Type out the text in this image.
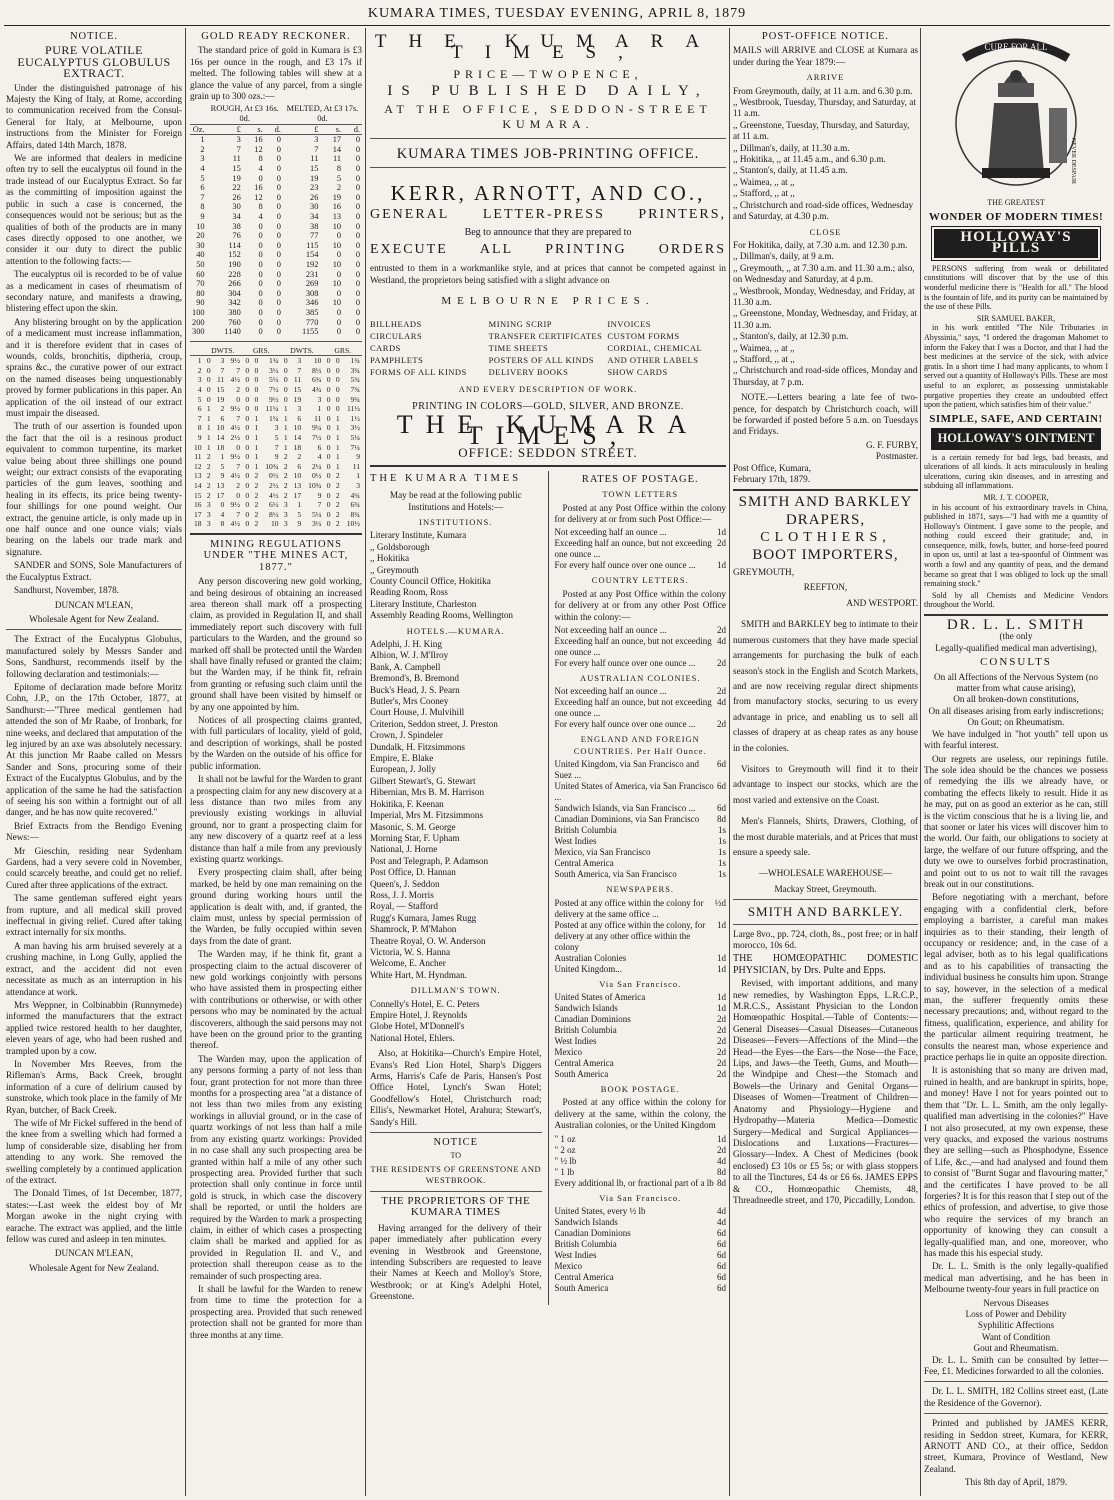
KUMARA TIMES, TUESDAY EVENING, APRIL 8, 1879
NOTICE.
PURE VOLATILE EUCALYPTUS GLOBULUS EXTRACT.

Under the distinguished patronage of his Majesty the King of Italy, at Rome, according to communication received from the Consul-General for Italy, at Melbourne, upon instructions from the Minister for Foreign Affairs, dated 14th March, 1878.

We are informed that dealers in medicine often try to sell the eucalyptus oil found in the trade instead of our Eucalyptus Extract. So far as the committing of imposition against the public in such a case is concerned, the consequences would not be serious; but as the qualities of both of the products are in many cases directly opposed to one another, we consider it our duty to direct the public attention to the following facts:—

The eucalyptus oil is recorded to be of value as a medicament in cases of rheumatism of secondary nature, and manifests a drawing, blistering effect upon the skin.

Any blistering brought on by the application of a medicament must increase inflammation, and it is therefore evident that in cases of wounds, colds, bronchitis, diptheria, croup, sprains &c., the curative power of our extract on the named diseases being unquestionably proved by former publications in this paper. An application of the oil instead of our extract must impair the diseased.

The truth of our assertion is founded upon the fact that the oil is a resinous product equivalent to common turpentine, its market value being about three shillings one pound weight; our extract consists of the evaporating particles of the gum leaves, soothing and healing in its effects, its price being twenty-four shillings for one pound weight. Our extract, the genuine article, is only made up in one half ounce and one ounce vials; vials bearing on the labels our trade mark and signature.

SANDER and SONS, Sole Manufacturers of the Eucalyptus Extract.

Sandhurst, November, 1878.

DUNCAN M'LEAN,
Wholesale Agent for New Zealand.

The Extract of the Eucalyptus Globulus, manufactured solely by Messrs Sander and Sons, Sandhurst, recommends itself by the following declaration and testimonials:—

Epitome of declaration made before Moritz Cohn, J.P., on the 17th October, 1877, at Sandhurst:—"Three medical gentlemen had attended the son of Mr Raabe, of Ironbark, for nine weeks, and declared that amputation of the leg injured by an axe was absolutely necessary. At this junction Mr Raabe called on Messrs Sander and Sons, procuring some of their Extract of the Eucalyptus Globulus, and by the application of the same he had the satisfaction of seeing his son within a fortnight out of all danger, and he has now quite recovered."

Brief Extracts from the Bendigo Evening News:—

Mr Gieschin, residing near Sydenham Gardens, had a very severe cold in November, could scarcely breathe, and could get no relief. Cured after three applications of the extract.

The same gentleman suffered eight years from rupture, and all medical skill proved ineffectual in giving relief. Cured after taking extract internally for six months.

A man having his arm bruised severely at a crushing machine, in Long Gully, applied the extract, and the accident did not even necessitate as much as an interruption in his attendance at work.

Mrs Weppner, in Colbinabbin (Runnymede) informed the manufacturers that the extract applied twice restored health to her daughter, eleven years of age, who had been rushed and trampled upon by a cow.

In November Mrs Reeves, from the Rifleman's Arms, Back Creek, brought information of a cure of delirium caused by sunstroke, which took place in the family of Mr Ryan, butcher, of Back Creek.

The wife of Mr Fickel suffered in the bend of the knee from a swelling which had formed a lump of considerable size, disabling her from attending to any work. She removed the swelling completely by a continued application of the extract.

The Donald Times, of 1st December, 1877, states:—Last week the eldest boy of Mr Morgan awoke in the night crying with earache. The extract was applied, and the little fellow was cured and asleep in ten minutes.

DUNCAN M'LEAN,
Wholesale Agent for New Zealand.
GOLD READY RECKONER.

The standard price of gold in Kumara is £3 16s per ounce in the rough, and £3 17s if melted. The following tables will shew at a glance the value of any parcel, from a single grain up to 300 ozs.:—

	ROUGH, At £3 16s. 0d.			MELTED, At £3 17s. 0d.		
Oz.	£	s.	d.	£	s.	d.
1	3	16	0	3	17	0
2	7	12	0	7	14	0
3	11	8	0	11	11	0
4	15	4	0	15	8	0
5	19	0	0	19	5	0
6	22	16	0	23	2	0
7	26	12	0	26	19	0
8	30	8	0	30	16	0
9	34	4	0	34	13	0
10	38	0	0	38	10	0
20	76	0	0	77	0	0
30	114	0	0	115	10	0
40	152	0	0	154	0	0
50	190	0	0	192	10	0
60	228	0	0	231	0	0
70	266	0	0	269	10	0
80	304	0	0	308	0	0
90	342	0	0	346	10	0
100	380	0	0	385	0	0
200	760	0	0	770	0	0
300	1140	0	0	1155	0	0
	DWTS.			GRS.			DWTS.			GRS.		
1	0	3	9½	0	0	1¾	0	3	10	0	0	1¾
2	0	7	7	0	0	3½	0	7	8½	0	0	3¾
3	0	11	4½	0	0	5½	0	11	6¾	0	0	5¾
4	0	15	2	0	0	7½	0	15	4¾	0	0	7¾
5	0	19	0	0	0	9½	0	19	3	0	0	9¾
6	1	2	9½	0	0	11¼	1	3	1	0	0	11½
7	1	6	7	0	1	1¼	1	6	11	0	1	1½
8	1	10	4½	0	1	3	1	10	9¼	0	1	3½
9	1	14	2½	0	1	5	1	14	7½	0	1	5¼
10	1	18	0	0	1	7	1	18	6	0	1	7¼
11	2	1	9½	0	1	9	2	2	4	0	1	9
12	2	5	7	0	1	10¾	2	6	2¼	0	1	11
13	2	9	4½	0	2	0½	2	10	0½	0	2	1
14	2	13	2	0	2	2½	2	13	10¾	0	2	3
15	2	17	0	0	2	4½	2	17	9	0	2	4¾
16	3	0	9½	0	2	6½	3	1	7	0	2	6¾
17	3	4	7	0	2	8½	3	5	5¼	0	2	8¾
18	3	8	4½	0	2	10	3	9	3½	0	2	10½
MINING REGULATIONS UNDER "THE MINES ACT, 1877."

Any person discovering new gold working, and being desirous of obtaining an increased area thereon shall mark off a prospecting claim, as provided in Regulation II, and shall immediately report such discovery with full particulars to the Warden, and the ground so marked off shall be protected until the Warden shall have finally refused or granted the claim; but the Warden may, if he think fit, refrain from granting or refusing such claim until the ground shall have been visited by himself or by any one appointed by him.

Notices of all prospecting claims granted, with full particulars of locality, yield of gold, and description of workings, shall be posted by the Warden on the outside of his office for public information.

It shall not be lawful for the Warden to grant a prospecting claim for any new discovery at a less distance than two miles from any previously existing workings in alluvial ground, nor to grant a prospecting claim for any new discovery of a quartz reef at a less distance than half a mile from any previously existing quartz workings.

Every prospecting claim shall, after being marked, be held by one man remaining on the ground during working hours until the application is dealt with, and, if granted, the claim must, unless by special permission of the Warden, be fully occupied within seven days from the date of grant.

The Warden may, if he think fit, grant a prospecting claim to the actual discoverer of new gold workings conjointly with persons who have assisted them in prospecting either with contributions or otherwise, or with other persons who may be nominated by the actual discoverers, although the said persons may not have been on the ground prior to the granting thereof.

The Warden may, upon the application of any persons forming a party of not less than four, grant protection for not more than three months for a prospecting area "at a distance of not less than two miles from any existing workings in alluvial ground, or in the case of quartz workings of not less than half a mile from any existing quartz workings: Provided in no case shall any such prospecting area be granted within half a mile of any other such prospecting area. Provided further that such protection shall only continue in force until gold is struck, in which case the discovery shall be reported, or until the holders are required by the Warden to mark a prospecting claim, in either of which cases a prospecting claim shall be marked and applied for as provided in Regulation II. and V., and protection shall thereupon cease as to the remainder of such prospecting area.

It shall be lawful for the Warden to renew from time to time the protection for a prospecting area. Provided that such renewed protection shall not be granted for more than three months at any time.

THE KUMARA TIMES,
PRICE—TWOPENCE,
IS PUBLISHED DAILY,
AT THE OFFICE, SEDDON-STREET
KUMARA.
KUMARA TIMES JOB-PRINTING OFFICE.
KERR, ARNOTT, AND CO.,
GENERAL LETTER-PRESS PRINTERS,
Beg to announce that they are prepared to
EXECUTE ALL PRINTING ORDERS

entrusted to them in a workmanlike style, and at prices that cannot be competed against in Westland, the proprietors being satisfied with a slight advance on

MELBOURNE PRICES.
BILLHEADS	MINING SCRIP	INVOICES
CIRCULARS	TRANSFER CERTIFICATES CUSTOM FORMS
CARDS	TIME SHEETS	CORDIAL, CHEMICAL
PAMPHLETS	POSTERS OF ALL KINDS	AND OTHER LABELS
FORMS OF ALL KINDS	DELIVERY BOOKS	SHOW CARDS
AND EVERY DESCRIPTION OF WORK.
PRINTING IN COLORS—GOLD, SILVER, AND BRONZE.
THE KUMARA TIMES,
OFFICE: SEDDON STREET.
THE KUMARA TIMES

May be read at the following public Institutions and Hotels:—

INSTITUTIONS.
Literary Institute, Kumara
,, Goldsborough
,, Hokitika
,, Greymouth
County Council Office, Hokitika
Reading Room, Ross
Literary Institute, Charleston
Assembly Reading Rooms, Wellington
HOTELS.—KUMARA.
Adelphi, J. H. King
Albion, W. J. M'Ilroy
Bank, A. Campbell
Bremond's, B. Bremond
Buck's Head, J. S. Pearn
Butler's, Mrs Cooney
Court House, J. Mulvihill
Criterion, Seddon street, J. Preston
Crown, J. Spindeler
Dundalk, H. Fitzsimmons
Empire, E. Blake
European, J. Jolly
Gilbert Stewart's, G. Stewart
Hibernian, Mrs B. M. Harrison
Hokitika, F. Keenan
Imperial, Mrs M. Fitzsimmons
Masonic, S. M. George
Morning Star, F. Upham
National, J. Horne
Post and Telegraph, P. Adamson
Post Office, D. Hannan
Queen's, J. Seddon
Ross, J. J. Morris
Royal, — Stafford
Rugg's Kumara, James Rugg
Shamrock, P. M'Mahon
Theatre Royal, O. W. Anderson
Victoria, W. S. Hanna
Welcome, E. Ancher
White Hart, M. Hyndman.
DILLMAN'S TOWN.
Connelly's Hotel, E. C. Peters
Empire Hotel, J. Reynolds
Globe Hotel, M'Donnell's
National Hotel, Ehlers.

Also, at Hokitika—Church's Empire Hotel, Evans's Red Lion Hotel, Sharp's Diggers Arms, Harris's Cafe de Paris, Hansen's Post Office Hotel, Lynch's Swan Hotel; Goodfellow's Hotel, Christchurch road; Ellis's, Newmarket Hotel, Arahura; Stewart's, Sandy's Hill.

NOTICE
TO
THE RESIDENTS OF GREENSTONE AND WESTBROOK.
THE PROPRIETORS OF THE KUMARA TIMES

Having arranged for the delivery of their paper immediately after publication every evening in Westbrook and Greenstone, intending Subscribers are requested to leave their Names at Keech and Molloy's Store, Westbrook; or at King's Adelphi Hotel, Greenstone.

RATES OF POSTAGE.
TOWN LETTERS

Posted at any Post Office within the colony for delivery at or from such Post Office:—

Not exceeding half an ounce ...	1d
Exceeding half an ounce, but not exceeding one ounce ...
2d
For every half ounce over one ounce ... 1d
COUNTRY LETTERS.

Posted at any Post Office within the colony for delivery at or from any other Post Office within the colony:—

Not exceeding half an ounce ...	2d
Exceeding half an ounce, but not exceeding one ounce ...
4d
For every half ounce over one ounce ... 2d
AUSTRALIAN COLONIES.
Not exceeding half an ounce ...	2d
Exceeding half an ounce, but not exceeding one ounce ...
4d
For every half ounce over one ounce ... 2d
ENGLAND AND FOREIGN COUNTRIES. Per Half Ounce.
United Kingdom, via San Francisco and Suez ...
6d
United States of America, via San Francisco ...
6d
Sandwich Islands, via San Francisco ... 6d
Canadian Dominions, via San Francisco 8d
British Columbia	1s
West Indies	1s
Mexico, via San Francisco	1s
Central America	1s
South America, via San Francisco	1s
NEWSPAPERS.
Posted at any office within the colony for delivery at the same office ...
½d
Posted at any office within the colony, for delivery at any other office within the colony
1d
Australian Colonies	1d
United Kingdom...	1d
Via San Francisco.
United States of America	1d
Sandwich Islands	1d
Canadian Dominions	2d
British Columbia	2d
West Indies	2d
Mexico	2d
Central America	2d
South America	2d
BOOK POSTAGE.

Posted at any office within the colony for delivery at the same, within the colony, the Australian colonies, or the United Kingdom

" 1 oz	1d
" 2 oz	2d
" ½ lb	4d
" 1 lb	8d
Every additional lb, or fractional part of a lb 8d
Via San Francisco.
United States, every ½ lb	4d
Sandwich Islands	4d
Canadian Dominions	6d
British Columbia	6d
West Indies	6d
Mexico	6d
Central America	6d
South America	6d
POST-OFFICE NOTICE.

MAILS will ARRIVE and CLOSE at Kumara as under during the Year 1879:—

ARRIVE
From Greymouth, daily, at 11 a.m. and 6.30 p.m.
,, Westbrook, Tuesday, Thursday, and Saturday, at 11 a.m.
,, Greenstone, Tuesday, Thursday, and Saturday, at 11 a.m.
,, Dillman's, daily, at 11.30 a.m.
,, Hokitika, ,, at 11.45 a.m., and 6.30 p.m.
,, Stanton's, daily, at 11.45 a.m.
,, Waimea, ,, at ,,
,, Stafford, ,, at ,,
,, Christchurch and road-side offices, Wednesday and Saturday, at 4.30 p.m.
CLOSE
For Hokitika, daily, at 7.30 a.m. and 12.30 p.m.
,, Dillman's, daily, at 9 a.m.
,, Greymouth, ,, at 7.30 a.m. and 11.30 a.m.; also, on Wednesday and Saturday, at 4 p.m.
,, Westbrook, Monday, Wednesday, and Friday, at 11.30 a.m.
,, Greenstone, Monday, Wednesday, and Friday, at 11.30 a.m.
,, Stanton's, daily, at 12.30 p.m.
,, Waimea, ,, at ,,
,, Stafford, ,, at ,,
,, Christchurch and road-side offices, Monday and Thursday, at 7 p.m.

NOTE.—Letters bearing a late fee of two-pence, for despatch by Christchurch coach, will be forwarded if posted before 5 a.m. on Tuesdays and Fridays.

G. F. FURBY,
Postmaster.
Post Office, Kumara,
February 17th, 1879.
SMITH AND BARKLEY
DRAPERS,
CLOTHIERS,
BOOT IMPORTERS,
GREYMOUTH,
REEFTON,
AND WESTPORT.

SMITH and BARKLEY beg to intimate to their numerous customers that they have made special arrangements for purchasing the bulk of each season's stock in the English and Scotch Markets, and are now receiving regular direct shipments from manufactory stocks, securing to us every advantage in price, and enabling us to sell all classes of drapery at as cheap rates as any house in the colonies.

Visitors to Greymouth will find it to their advantage to inspect our stocks, which are the most varied and extensive on the Coast.

Men's Flannels, Shirts, Drawers, Clothing, of the most durable materials, and at Prices that must ensure a speedy sale.

—WHOLESALE WAREHOUSE—
Mackay Street, Greymouth.
SMITH AND BARKLEY.

Large 8vo., pp. 724, cloth, 8s., post free; or in half morocco, 10s 6d.

THE HOMŒOPATHIC DOMESTIC PHYSICIAN, by Drs. Pulte and Epps.

Revised, with important additions, and many new remedies, by Washington Epps, L.R.C.P., M.R.C.S., Assistant Physician to the London Homœopathic Hospital.—Table of Contents:—General Diseases—Casual Diseases—Cutaneous Diseases—Fevers—Affections of the Mind—the Head—the Eyes—the Ears—the Nose—the Face, Lips, and Jaws—the Teeth, Gums, and Mouth—the Windpipe and Chest—the Stomach and Bowels—the Urinary and Genital Organs—Diseases of Women—Treatment of Children—Anatomy and Physiology—Hygiene and Hydropathy—Materia Medica—Domestic Surgery—Medical and Surgical Appliances—Dislocations and Luxations—Fractures—Glossary—Index. A Chest of Medicines (book enclosed) £3 10s or £5 5s; or with glass stoppers to all the Tinctures, £4 4s or £6 6s. JAMES EPPS & CO., Homœopathic Chemists, 48, Threadneedle street, and 170, Piccadilly, London.

CURE FOR ALL
NEVER DESPAIR
THE GREATEST
WONDER OF MODERN TIMES!
HOLLOWAY'S PILLS

PERSONS suffering from weak or debilitated constitutions will discover that by the use of this wonderful medicine there is "Health for all." The blood is the fountain of life, and its purity can be maintained by the use of these Pills.

SIR SAMUEL BAKER,

in his work entitled "The Nile Tributaries in Abyssinia," says, "I ordered the dragoman Mahomet to inform the Fakey that I was a Doctor, and that I had the best medicines at the service of the sick, with advice gratis. In a short time I had many applicants, to whom I served out a quantity of Holloway's Pills. These are most useful to an explorer, as possessing unmistakable purgative properties they create an undoubted effect upon the patient, which satisfies him of their value."

SIMPLE, SAFE, AND CERTAIN!
HOLLOWAY'S OINTMENT

is a certain remedy for bad legs, bad breasts, and ulcerations of all kinds. It acts miraculously in healing ulcerations, curing skin diseases, and in arresting and subduing all inflammations.

MR. J. T. COOPER,

in his account of his extraordinary travels in China, published in 1871, says—"I had with me a quantity of Holloway's Ointment. I gave some to the people, and nothing could exceed their gratitude; and, in consequence, milk, fowls, butter, and horse-feed poured in upon us, until at last a tea-spoonful of Ointment was worth a fowl and any quantity of peas, and the demand became so great that I was obliged to lock up the small remaining stock."

Sold by all Chemists and Medicine Vendors throughout the World.

DR. L. L. SMITH
(the only
Legally-qualified medical man advertising),
CONSULTS
On all Affections of the Nervous System (no matter from what cause arising),
On all broken-down constitutions,
On all diseases arising from early indiscretions;
On Gout; on Rheumatism.

We have indulged in "hot youth" tell upon us with fearful interest.

Our regrets are useless, our repinings futile. The sole idea should be the chances we possess of remedying the ills we already have, or combating the effects likely to result. Hide it as he may, put on as good an exterior as he can, still is the victim conscious that he is a living lie, and that sooner or later his vices will discover him to the world. Our faith, our obligations to society at large, the welfare of our future offspring, and the duty we owe to ourselves forbid procrastination, and point out to us not to wait till the ravages break out in our constitutions.

Before negotiating with a merchant, before engaging with a confidential clerk, before employing a barrister, a careful man makes inquiries as to their standing, their length of occupancy or residence; and, in the case of a legal adviser, both as to his legal qualifications and as to his capabilities of transacting the individual business he consults him upon. Strange to say, however, in the selection of a medical man, the sufferer frequently omits these necessary precautions; and, without regard to the fitness, qualification, experience, and ability for the particular ailment requiring treatment, he consults the nearest man, whose experience and practice perhaps lie in quite an opposite direction.

It is astonishing that so many are driven mad, ruined in health, and are bankrupt in spirits, hope, and money! Have I not for years pointed out to them that "Dr. L. L. Smith, am the only legally-qualified man advertising in the colonies?" Have I not also prosecuted, at my own expense, these very quacks, and exposed the various nostrums they are selling—such as Phosphodyne, Essence of Life, &c.,—and had analysed and found them to consist of "Burnt Sugar and flavouring matter," and the certificates I have proved to be all forgeries? It is for this reason that I step out of the ethics of profession, and advertise, to give those who require the services of my branch an opportunity of knowing they can consult a legally-qualified man, and one, moreover, who has made this his especial study.

Dr. L. L. Smith is the only legally-qualified medical man advertising, and he has been in Melbourne twenty-four years in full practice on

Nervous Diseases
Loss of Power and Debility
Syphilitic Affections
Want of Condition
Gout and Rheumatism.

Dr. L. L. Smith can be consulted by letter—Fee, £1. Medicines forwarded to all the colonies.

Dr. L. L. SMITH, 182 Collins street east, (Late the Residence of the Governor).

Printed and published by JAMES KERR, residing in Seddon street, Kumara, for KERR, ARNOTT AND CO., at their office, Seddon street, Kumara, Province of Westland, New Zealand.

This 8th day of April, 1879.
